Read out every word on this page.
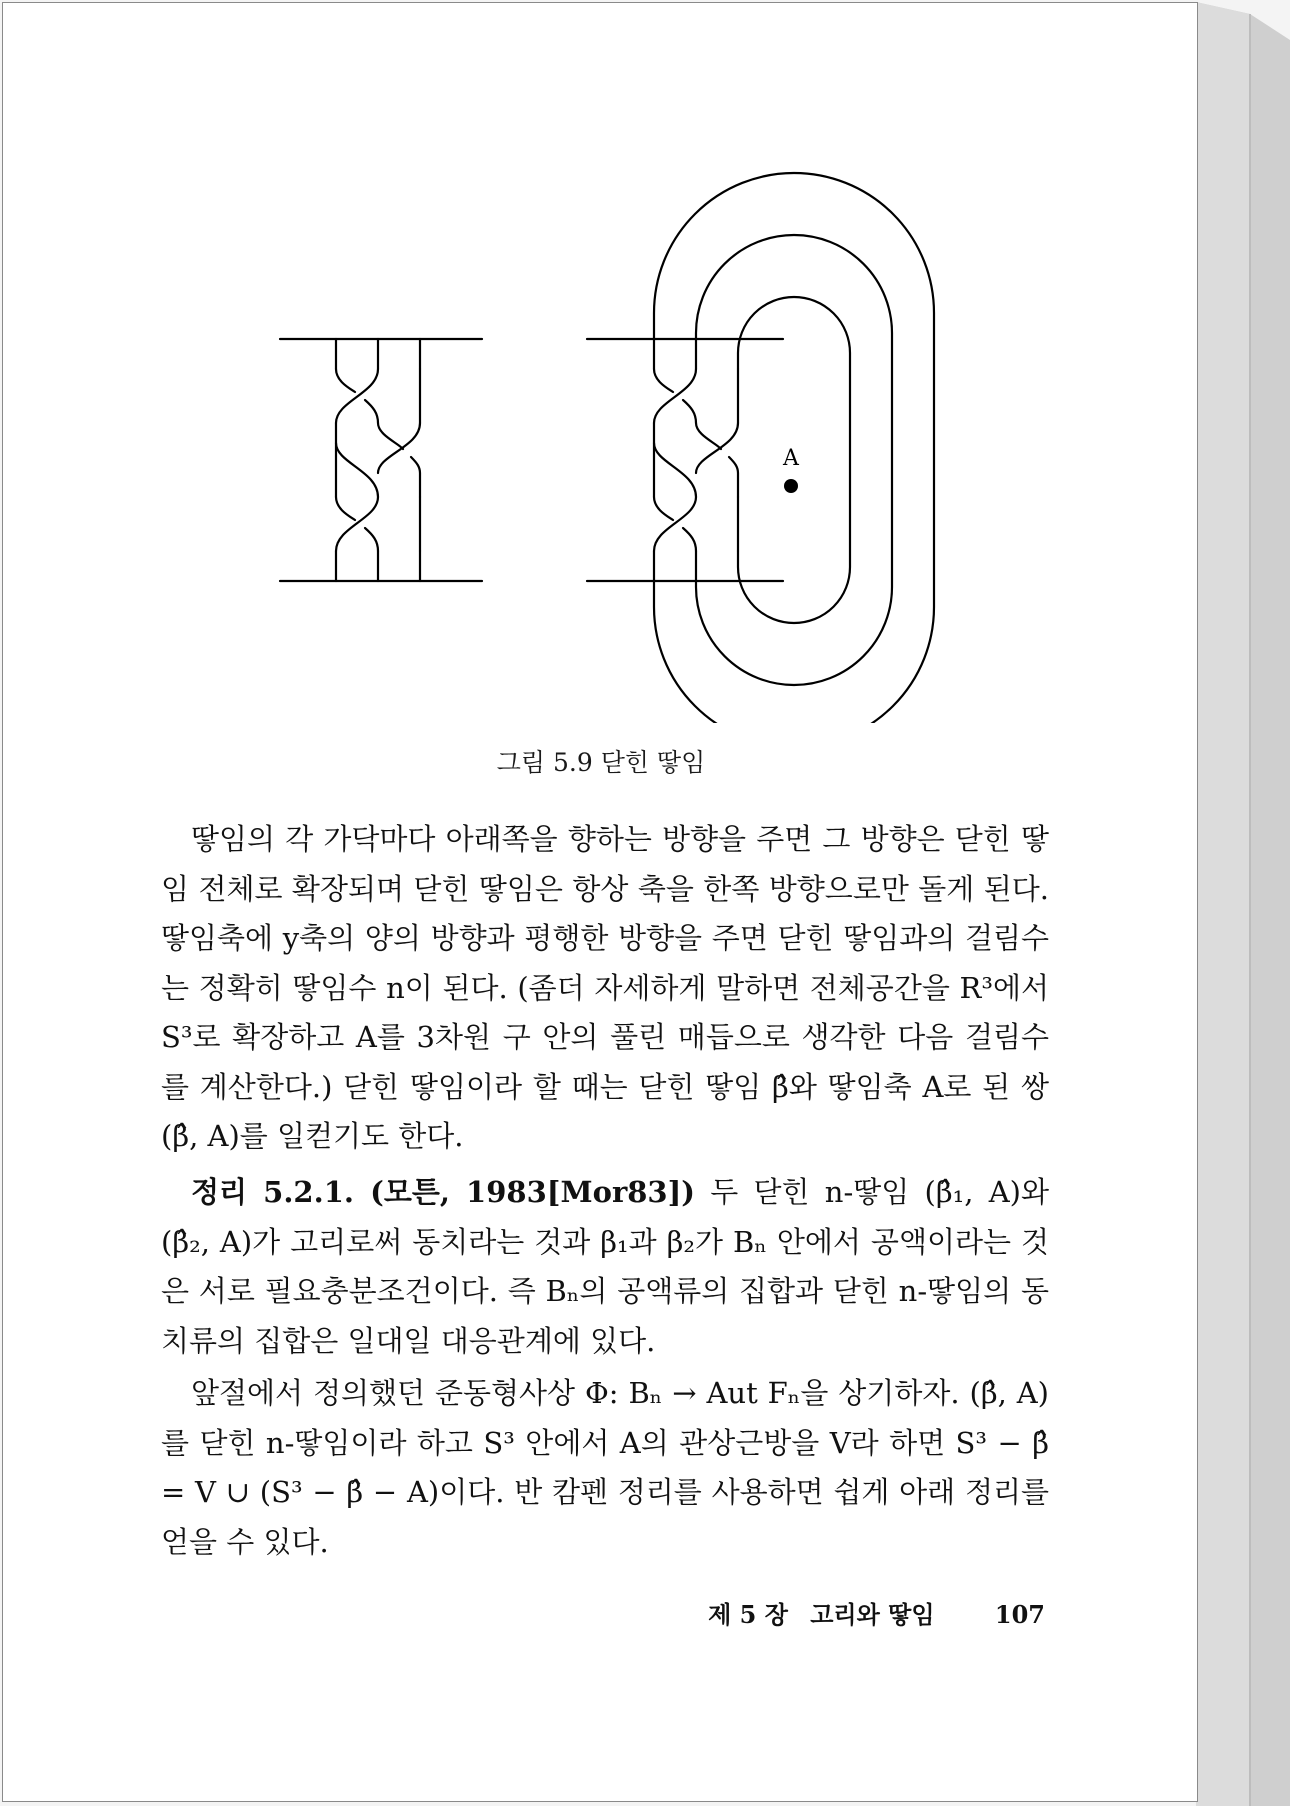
A
그림 5.9 닫힌 땋임

땋임의 각 가닥마다 아래쪽을 향하는 방향을 주면 그 방향은 닫힌 땋임 전체로 확장되며 닫힌 땋임은 항상 축을 한쪽 방향으로만 돌게 된다. 땋임축에 y축의 양의 방향과 평행한 방향을 주면 닫힌 땋임과의 걸림수는 정확히 땋임수 n이 된다. (좀더 자세하게 말하면 전체공간을 R³에서 S³로 확장하고 A를 3차원 구 안의 풀린 매듭으로 생각한 다음 걸림수를 계산한다.) 닫힌 땋임이라 할 때는 닫힌 땋임 β̂와 땋임축 A로 된 쌍 (β̂, A)를 일컫기도 한다.

정리 5.2.1. (모튼, 1983[Mor83]) 두 닫힌 n-땋임 (β̂₁, A)와 (β̂₂, A)가 고리로써 동치라는 것과 β₁과 β₂가 Bₙ 안에서 공액이라는 것은 서로 필요충분조건이다. 즉 Bₙ의 공액류의 집합과 닫힌 n-땋임의 동치류의 집합은 일대일 대응관계에 있다.

앞절에서 정의했던 준동형사상 Φ: Bₙ → Aut Fₙ을 상기하자. (β̂, A)를 닫힌 n-땋임이라 하고 S³ 안에서 A의 관상근방을 V라 하면 S³ − β̂ = V ∪ (S³ − β̂ − A)이다. 반 캄펜 정리를 사용하면 쉽게 아래 정리를 얻을 수 있다.

제 5 장 고리와 땋임	107
